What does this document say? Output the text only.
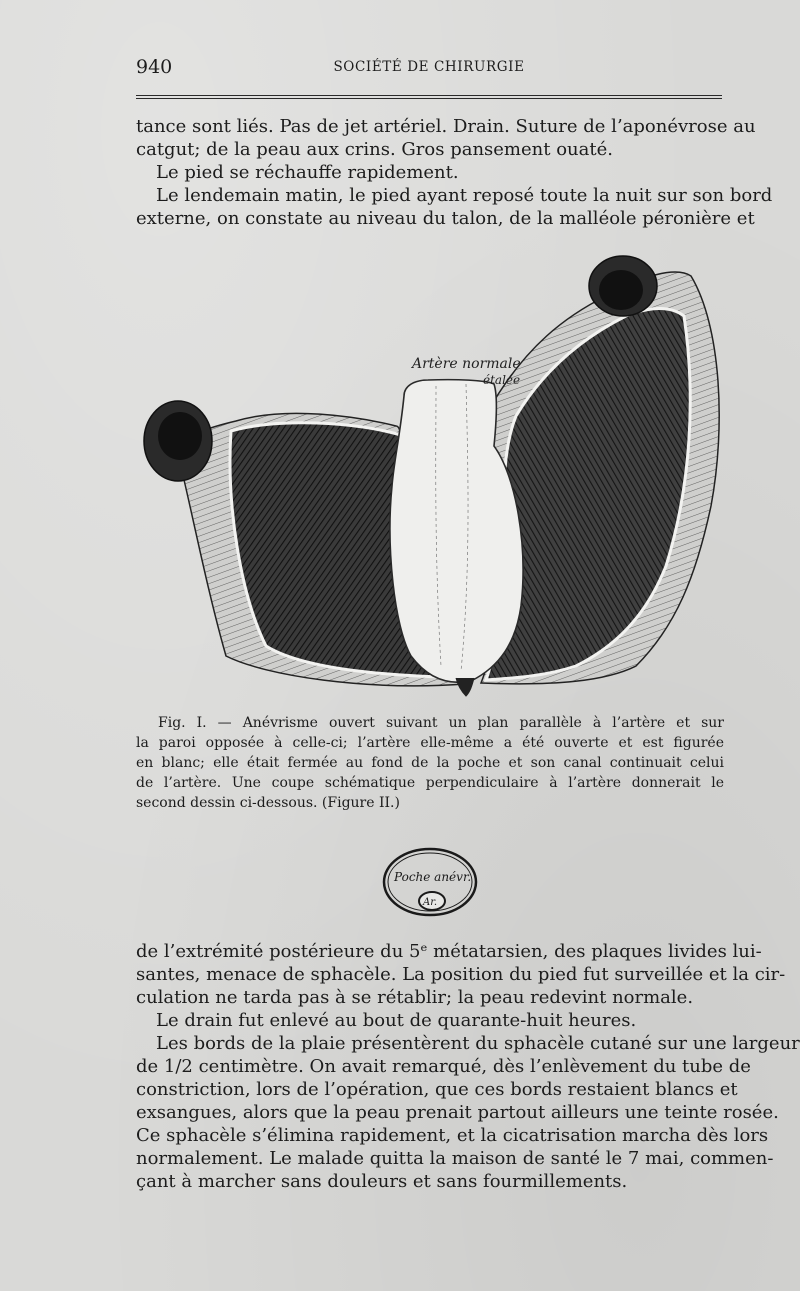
940	SOCIÉTÉ DE CHIRURGIE
tance sont liés. Pas de jet artériel. Drain. Suture de l’aponévrose au
catgut; de la peau aux crins. Gros pansement ouaté.
Le pied se réchauffe rapidement.
Le lendemain matin, le pied ayant reposé toute la nuit sur son bord
externe, on constate au niveau du talon, de la malléole péronière et
Artère normale
étalée
Fig. I. — Anévrisme ouvert suivant un plan parallèle à l’artère et sur
la paroi opposée à celle-ci; l’artère elle-même a été ouverte et est figurée
en blanc; elle était fermée au fond de la poche et son canal continuait celui
de l’artère. Une coupe schématique perpendiculaire à l’artère donnerait le
second dessin ci-dessous. (Figure II.)
Poche anévr.
Ar.
de l’extrémité postérieure du 5ᵉ métatarsien, des plaques livides lui-
santes, menace de sphacèle. La position du pied fut surveillée et la cir-
culation ne tarda pas à se rétablir; la peau redevint normale.
Le drain fut enlevé au bout de quarante-huit heures.
Les bords de la plaie présentèrent du sphacèle cutané sur une largeur
de 1/2 centimètre. On avait remarqué, dès l’enlèvement du tube de
constriction, lors de l’opération, que ces bords restaient blancs et
exsangues, alors que la peau prenait partout ailleurs une teinte rosée.
Ce sphacèle s’élimina rapidement, et la cicatrisation marcha dès lors
normalement. Le malade quitta la maison de santé le 7 mai, commen-
çant à marcher sans douleurs et sans fourmillements.
